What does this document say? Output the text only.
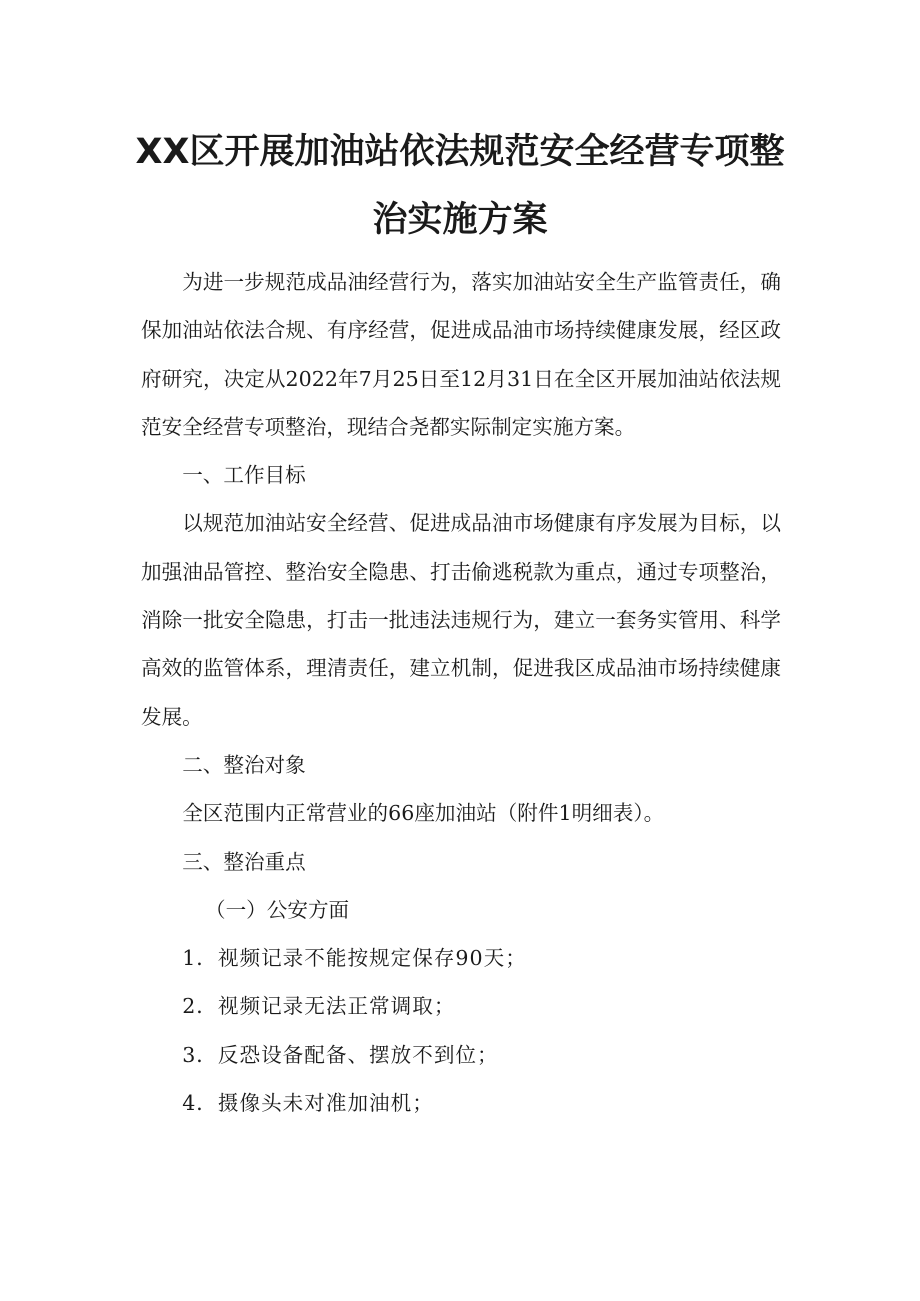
XX区开展加油站依法规范安全经营专项整
治实施方案

为进一步规范成品油经营行为，落实加油站安全生产监管责任，确保加油站依法合规、有序经营，促进成品油市场持续健康发展，经区政府研究，决定从2022年7月25日至12月31日在全区开展加油站依法规范安全经营专项整治，现结合尧都实际制定实施方案。

一、工作目标

以规范加油站安全经营、促进成品油市场健康有序发展为目标，以加强油品管控、整治安全隐患、打击偷逃税款为重点，通过专项整治，消除一批安全隐患，打击一批违法违规行为，建立一套务实管用、科学高效的监管体系，理清责任，建立机制，促进我区成品油市场持续健康发展。

二、整治对象

全区范围内正常营业的66座加油站（附件1明细表）。

三、整治重点

（一）公安方面

1．视频记录不能按规定保存90天；

2．视频记录无法正常调取；

3．反恐设备配备、摆放不到位；

4．摄像头未对准加油机；
